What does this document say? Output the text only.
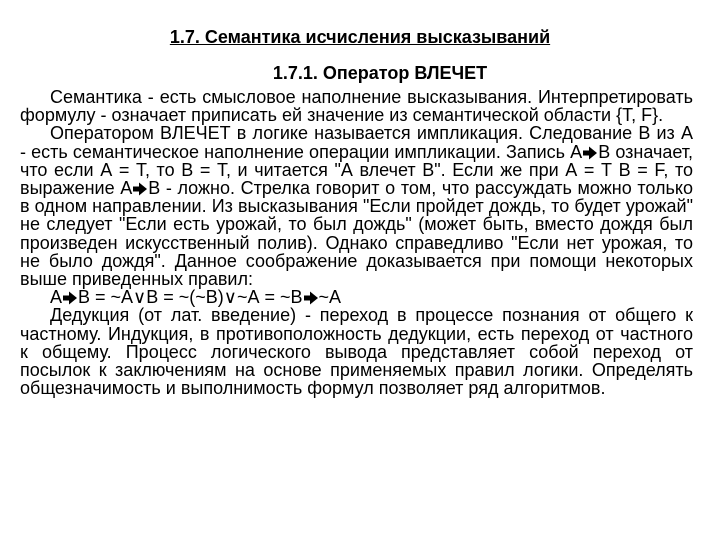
1.7. Семантика исчисления высказываний
1.7.1. Оператор ВЛЕЧЕТ

Семантика - есть смысловое наполнение высказывания. Интерпретировать формулу - означает приписать ей значение из семантической области {T, F}.

Оператором ВЛЕЧЕТ в логике называется импликация. Следование В из А - есть семантическое наполнение операции импликации. Запись А В означает, что если А = Т, то В = Т, и читается "А влечет В". Если же при А = Т В = F, то выражение А В - ложно. Стрелка говорит о том, что рассуждать можно только в одном направлении. Из высказывания "Если пройдет дождь, то будет урожай" не следует "Если есть урожай, то был дождь" (может быть, вместо дождя был произведен искусственный полив). Однако справедливо "Если нет урожая, то не было дождя". Данное соображение доказывается при помощи некоторых выше приведенных правил:

А В = ~А∨В = ~(~В)∨~А = ~В ~А

Дедукция (от лат. введение) - переход в процессе познания от общего к частному. Индукция, в противоположность дедукции, есть переход от частного к общему. Процесс логического вывода представляет собой переход от посылок к заключениям на основе применяемых правил логики. Определять общезначимость и выполнимость формул позволяет ряд алгоритмов.
